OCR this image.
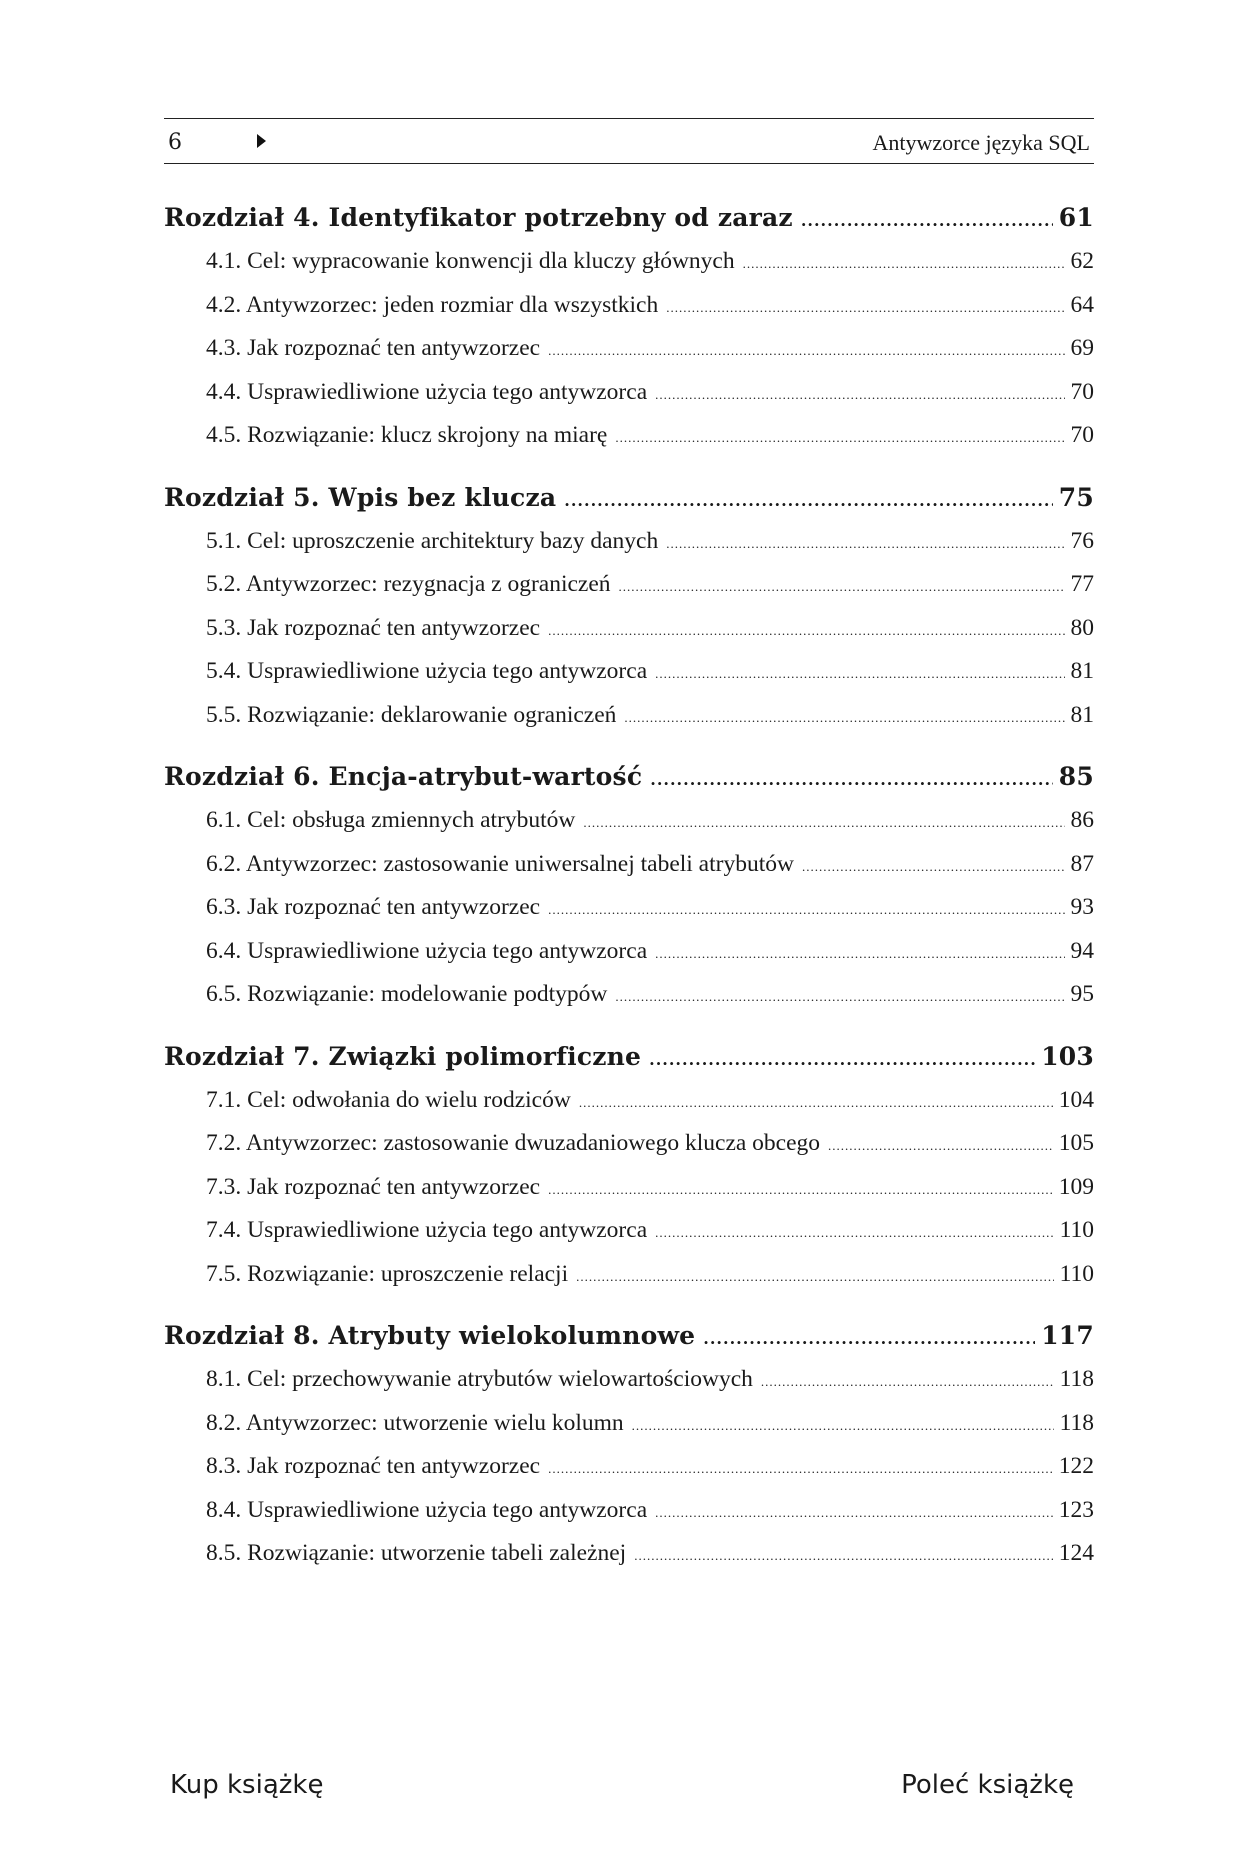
6	Antywzorce języka SQL
Rozdział 4. Identyfikator potrzebny od zaraz .....	61
4.1. Cel: wypracowanie konwencji dla kluczy głównych .....	62
4.2. Antywzorzec: jeden rozmiar dla wszystkich .....	64
4.3. Jak rozpoznać ten antywzorzec .....	69
4.4. Usprawiedliwione użycia tego antywzorca .....	70
4.5. Rozwiązanie: klucz skrojony na miarę .....	70
Rozdział 5. Wpis bez klucza .....	75
5.1. Cel: uproszczenie architektury bazy danych .....	76
5.2. Antywzorzec: rezygnacja z ograniczeń .....	77
5.3. Jak rozpoznać ten antywzorzec .....	80
5.4. Usprawiedliwione użycia tego antywzorca .....	81
5.5. Rozwiązanie: deklarowanie ograniczeń .....	81
Rozdział 6. Encja-atrybut-wartość .....	85
6.1. Cel: obsługa zmiennych atrybutów .....	86
6.2. Antywzorzec: zastosowanie uniwersalnej tabeli atrybutów .....	87
6.3. Jak rozpoznać ten antywzorzec .....	93
6.4. Usprawiedliwione użycia tego antywzorca .....	94
6.5. Rozwiązanie: modelowanie podtypów .....	95
Rozdział 7. Związki polimorficzne .....	103
7.1. Cel: odwołania do wielu rodziców .....	104
7.2. Antywzorzec: zastosowanie dwuzadaniowego klucza obcego .....	105
7.3. Jak rozpoznać ten antywzorzec .....	109
7.4. Usprawiedliwione użycia tego antywzorca .....	110
7.5. Rozwiązanie: uproszczenie relacji .....	110
Rozdział 8. Atrybuty wielokolumnowe .....	117
8.1. Cel: przechowywanie atrybutów wielowartościowych .....	118
8.2. Antywzorzec: utworzenie wielu kolumn .....	118
8.3. Jak rozpoznać ten antywzorzec .....	122
8.4. Usprawiedliwione użycia tego antywzorca .....	123
8.5. Rozwiązanie: utworzenie tabeli zależnej .....	124
Kup książkę	Poleć książkę
